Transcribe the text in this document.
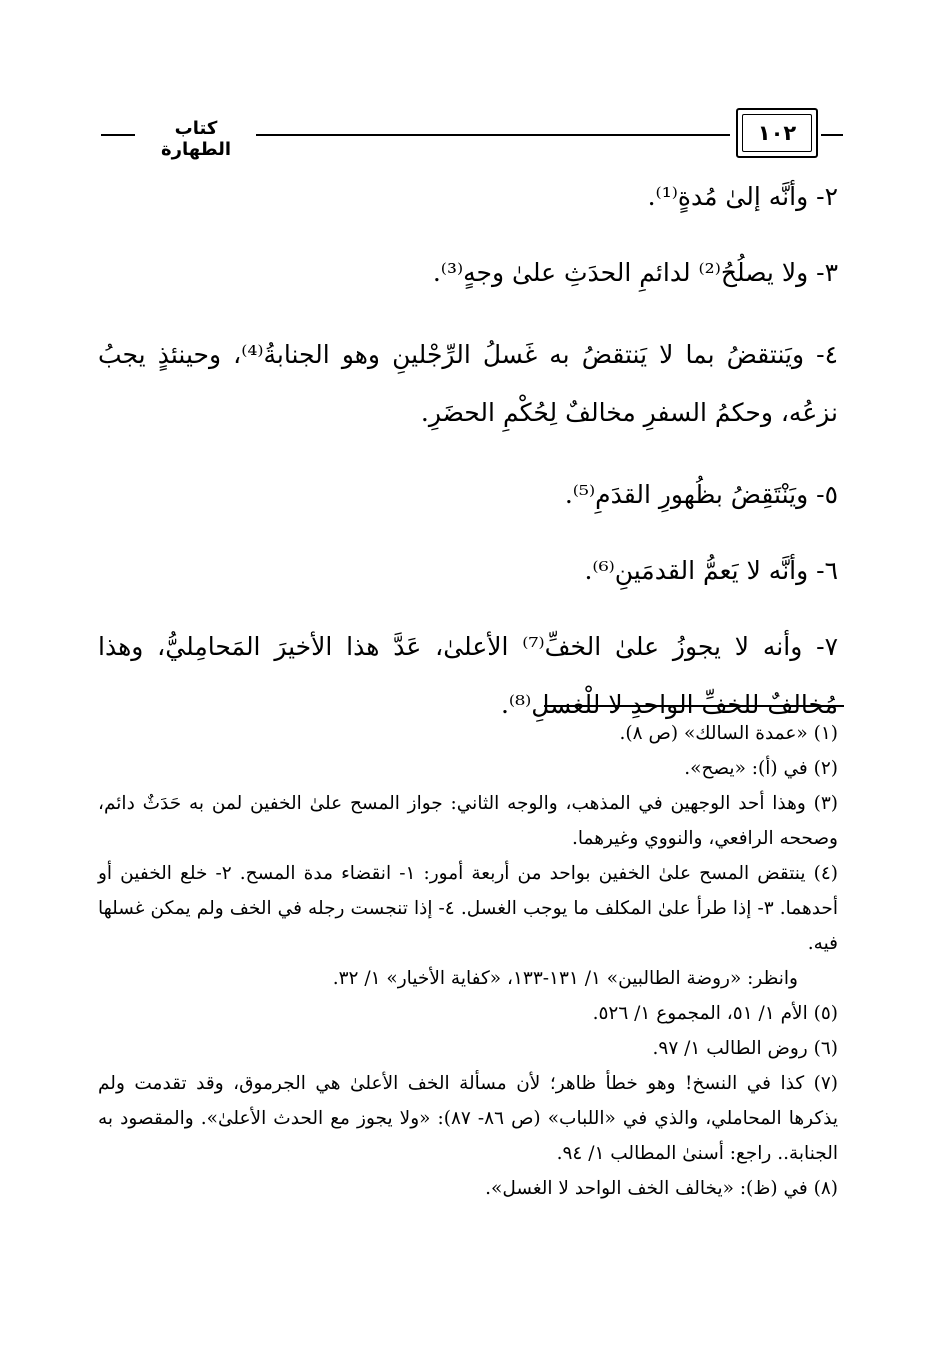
كتاب الطهارة
١٠٢

٢- وأنَّه إلىٰ مُدةٍ⁽¹⁾.

٣- ولا يصلُحُ⁽²⁾ لدائمِ الحدَثِ علىٰ وجهٍ⁽³⁾.

٤- ويَنتقضُ بما لا يَنتقضُ به غَسلُ الرِّجْلينِ وهو الجنابةُ⁽⁴⁾، وحينئذٍ يجبُ نزعُه، وحكمُ السفرِ مخالفٌ لِحُكْمِ الحضَرِ.

٥- ويَنْتَقِضُ بظُهورِ القدَمِ⁽⁵⁾.

٦- وأنَّه لا يَعمُّ القدمَينِ⁽⁶⁾.

٧- وأنه لا يجوزُ علىٰ الخفِّ⁽⁷⁾ الأعلىٰ، عَدَّ هذا الأخيرَ المَحامِليُّ، وهذا مُخالفٌ للخفِّ الواحدِ لا للْغسلِ⁽⁸⁾.

(١) «عمدة السالك» (ص ٨).

(٢) في (أ): «يصح».

(٣) وهذا أحد الوجهين في المذهب، والوجه الثاني: جواز المسح علىٰ الخفين لمن به حَدَثٌ دائم، وصححه الرافعي، والنووي وغيرهما.

(٤) ينتقض المسح علىٰ الخفين بواحد من أربعة أمور: ١- انقضاء مدة المسح. ٢- خلع الخفين أو أحدهما. ٣- إذا طرأ علىٰ المكلف ما يوجب الغسل. ٤- إذا تنجست رجله في الخف ولم يمكن غسلها فيه.

وانظر: «روضة الطالبين» ١/ ١٣١-١٣٣، «كفاية الأخيار» ١/ ٣٢.

(٥) الأم ١/ ٥١، المجموع ١/ ٥٢٦.

(٦) روض الطالب ١/ ٩٧.

(٧) كذا في النسخ! وهو خطأ ظاهر؛ لأن مسألة الخف الأعلىٰ هي الجرموق، وقد تقدمت ولم يذكرها المحاملي، والذي في «اللباب» (ص ٨٦- ٨٧): «ولا يجوز مع الحدث الأعلىٰ». والمقصود به الجنابة.. راجع: أسنىٰ المطالب ١/ ٩٤.

(٨) في (ظ): «يخالف الخف الواحد لا الغسل».
